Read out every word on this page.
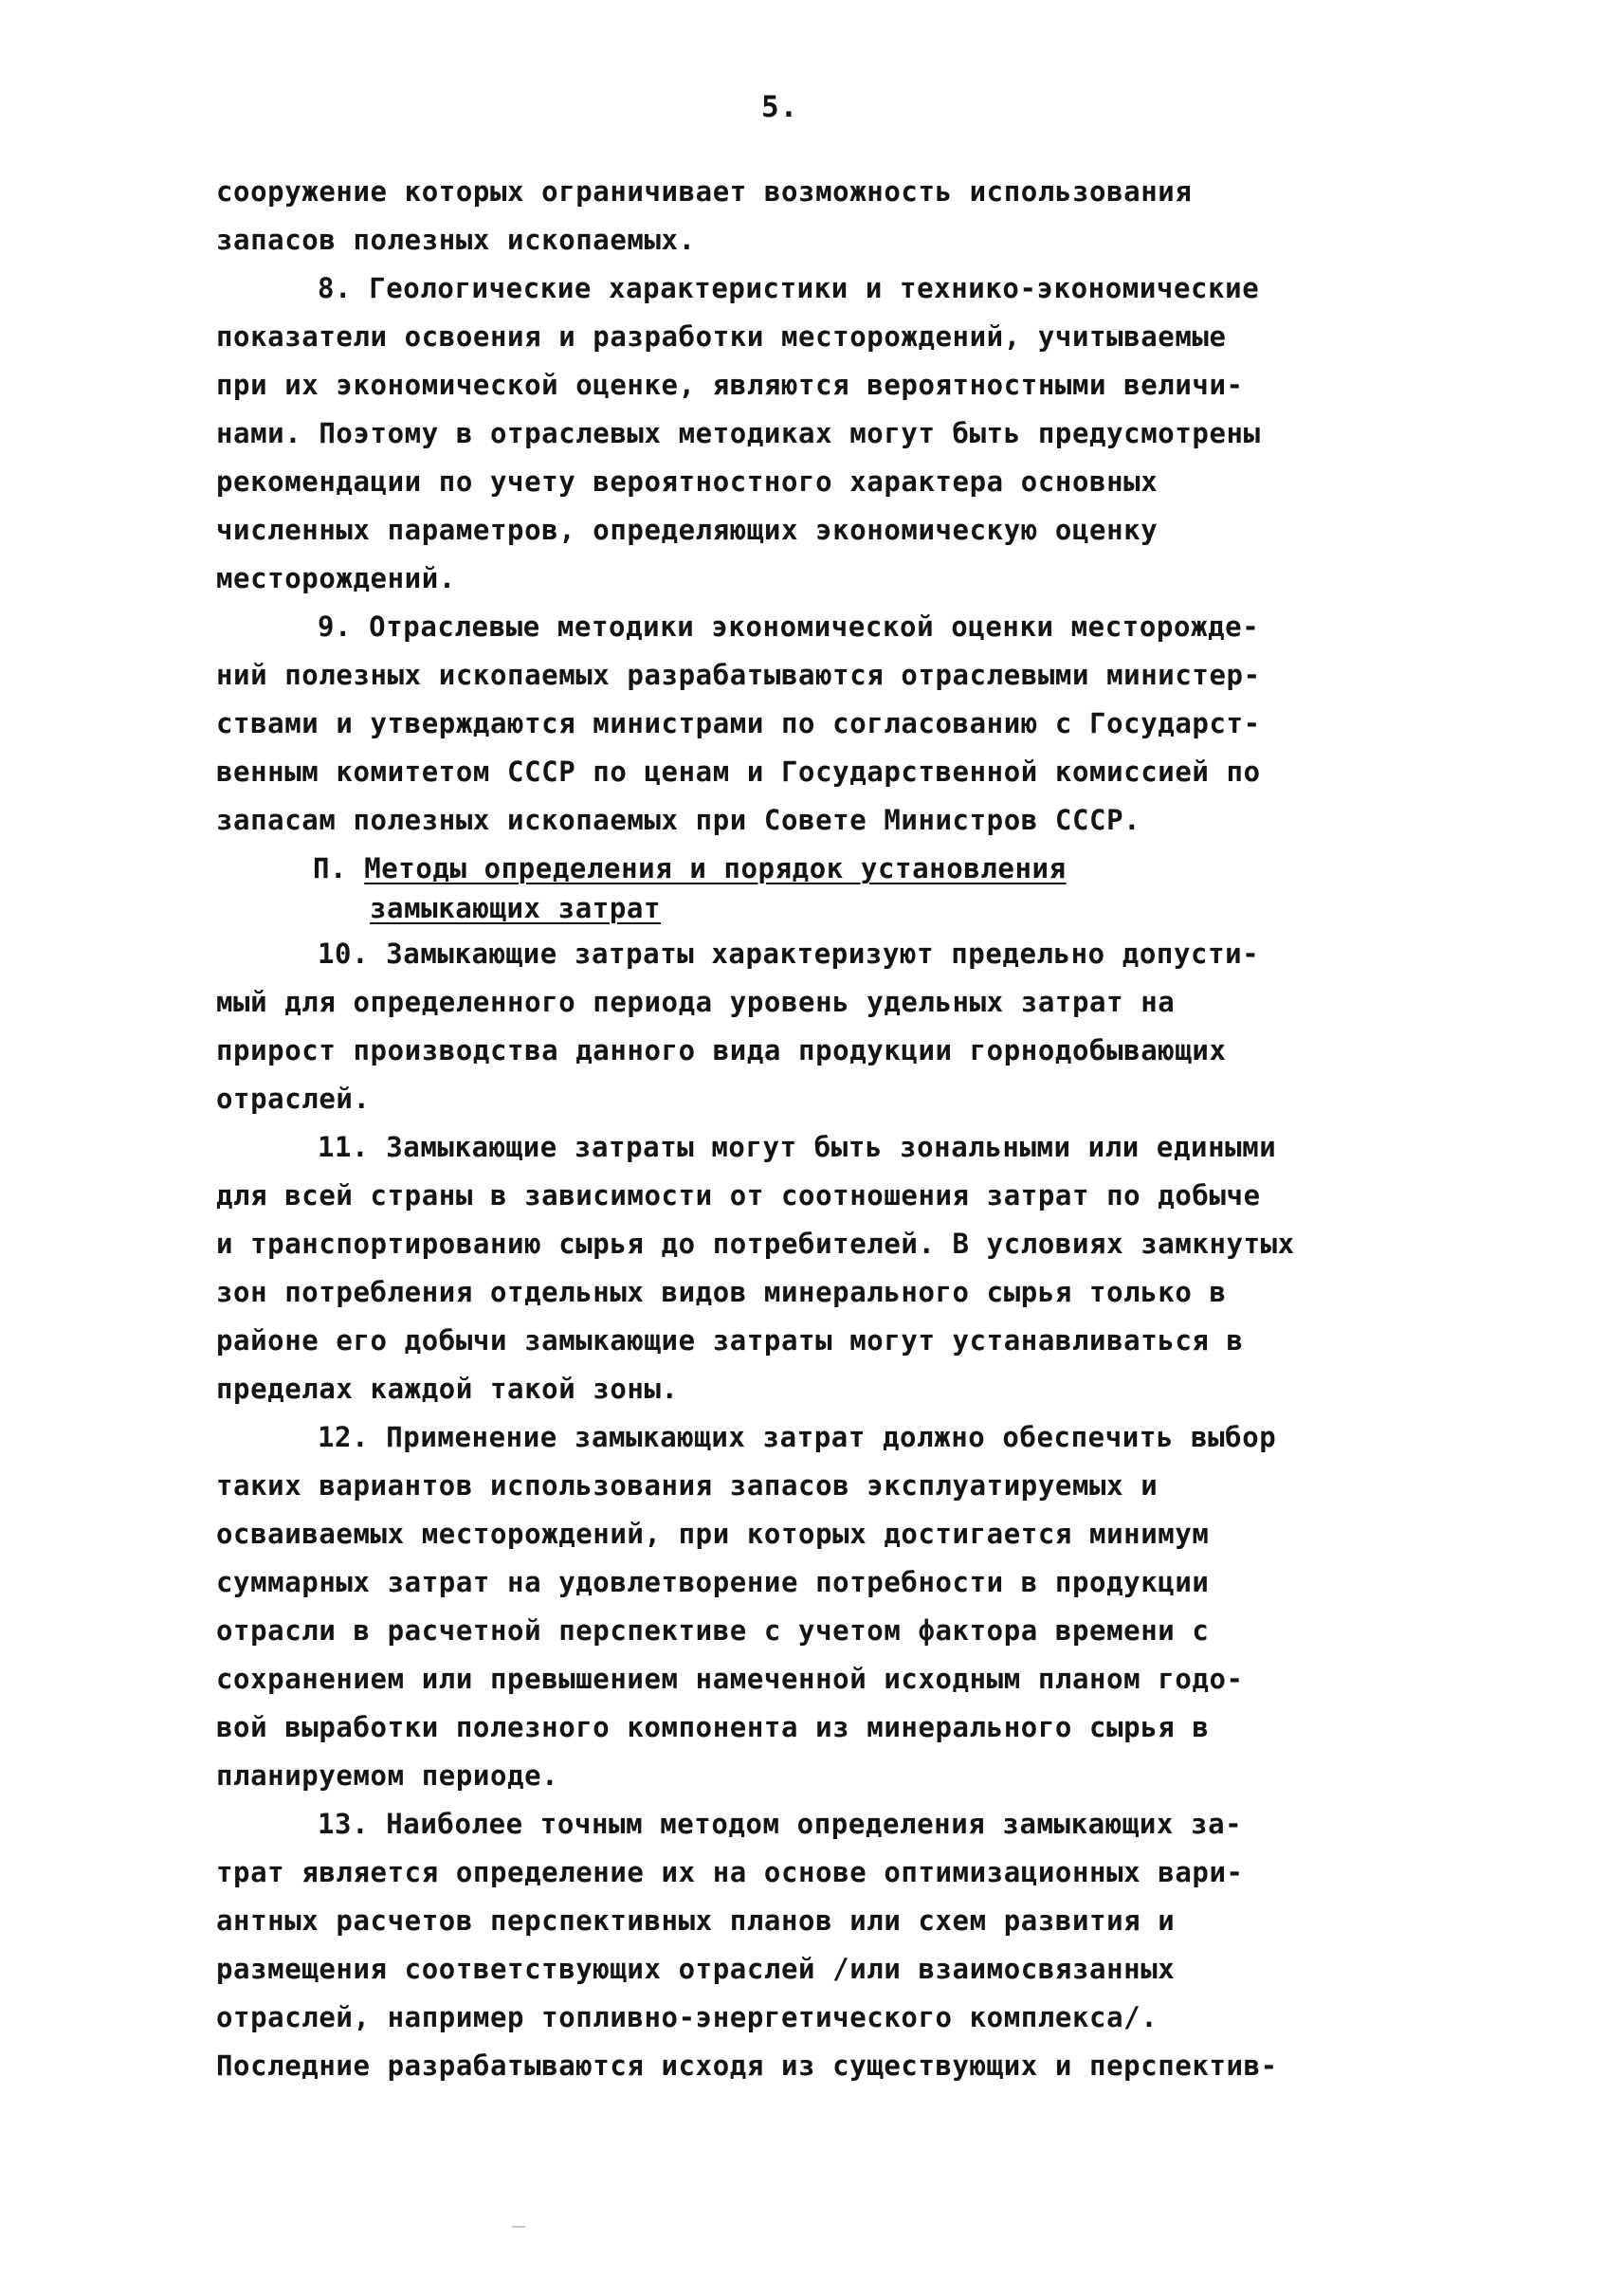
5.
сооружение которых ограничивает возможность использования
запасов полезных ископаемых.
8. Геологические характеристики и технико-экономические
показатели освоения и разработки месторождений, учитываемые
при их экономической оценке, являются вероятностными величи-
нами. Поэтому в отраслевых методиках могут быть предусмотрены
рекомендации по учету вероятностного характера основных
численных параметров, определяющих экономическую оценку
месторождений.
9. Отраслевые методики экономической оценки месторожде-
ний полезных ископаемых разрабатываются отраслевыми министер-
ствами и утверждаются министрами по согласованию с Государст-
венным комитетом СССР по ценам и Государственной комиссией по
запасам полезных ископаемых при Совете Министров СССР.
10. Замыкающие затраты характеризуют предельно допусти-
мый для определенного периода уровень удельных затрат на
прирост производства данного вида продукции горнодобывающих
отраслей.
11. Замыкающие затраты могут быть зональными или едиными
для всей страны в зависимости от соотношения затрат по добыче
и транспортированию сырья до потребителей. В условиях замкнутых
зон потребления отдельных видов минерального сырья только в
районе его добычи замыкающие затраты могут устанавливаться в
пределах каждой такой зоны.
12. Применение замыкающих затрат должно обеспечить выбор
таких вариантов использования запасов эксплуатируемых и
осваиваемых месторождений, при которых достигается минимум
суммарных затрат на удовлетворение потребности в продукции
отрасли в расчетной перспективе с учетом фактора времени с
сохранением или превышением намеченной исходным планом годо-
вой выработки полезного компонента из минерального сырья в
планируемом периоде.
13. Наиболее точным методом определения замыкающих за-
трат является определение их на основе оптимизационных вари-
антных расчетов перспективных планов или схем развития и
размещения соответствующих отраслей /или взаимосвязанных
отраслей, например топливно-энергетического комплекса/.
Последние разрабатываются исходя из существующих и перспектив-
П. Методы определения и порядок установления
замыкающих затрат
